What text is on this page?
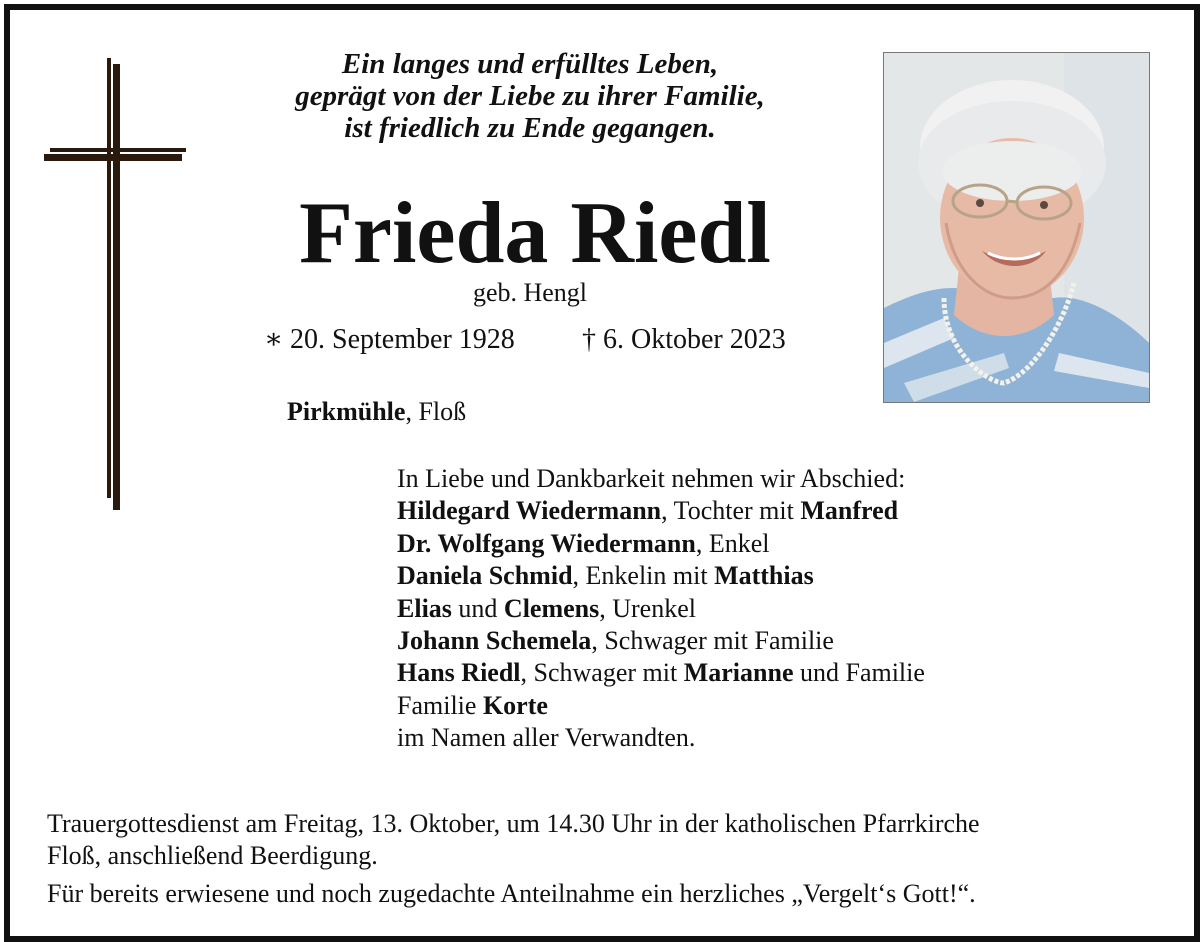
Ein langes und erfülltes Leben,
geprägt von der Liebe zu ihrer Familie,
ist friedlich zu Ende gegangen.
Frieda Riedl
geb. Hengl
∗ 20. September 1928 † 6. Oktober 2023
Pirkmühle, Floß
In Liebe und Dankbarkeit nehmen wir Abschied:
Hildegard Wiedermann, Tochter mit Manfred
Dr. Wolfgang Wiedermann, Enkel
Daniela Schmid, Enkelin mit Matthias
Elias und Clemens, Urenkel
Johann Schemela, Schwager mit Familie
Hans Riedl, Schwager mit Marianne und Familie
Familie Korte
im Namen aller Verwandten.
Trauergottesdienst am Freitag, 13. Oktober, um 14.30 Uhr in der katholischen Pfarrkirche
Floß, anschließend Beerdigung.
Für bereits erwiesene und noch zugedachte Anteilnahme ein herzliches „Vergelt‘s Gott!“.
